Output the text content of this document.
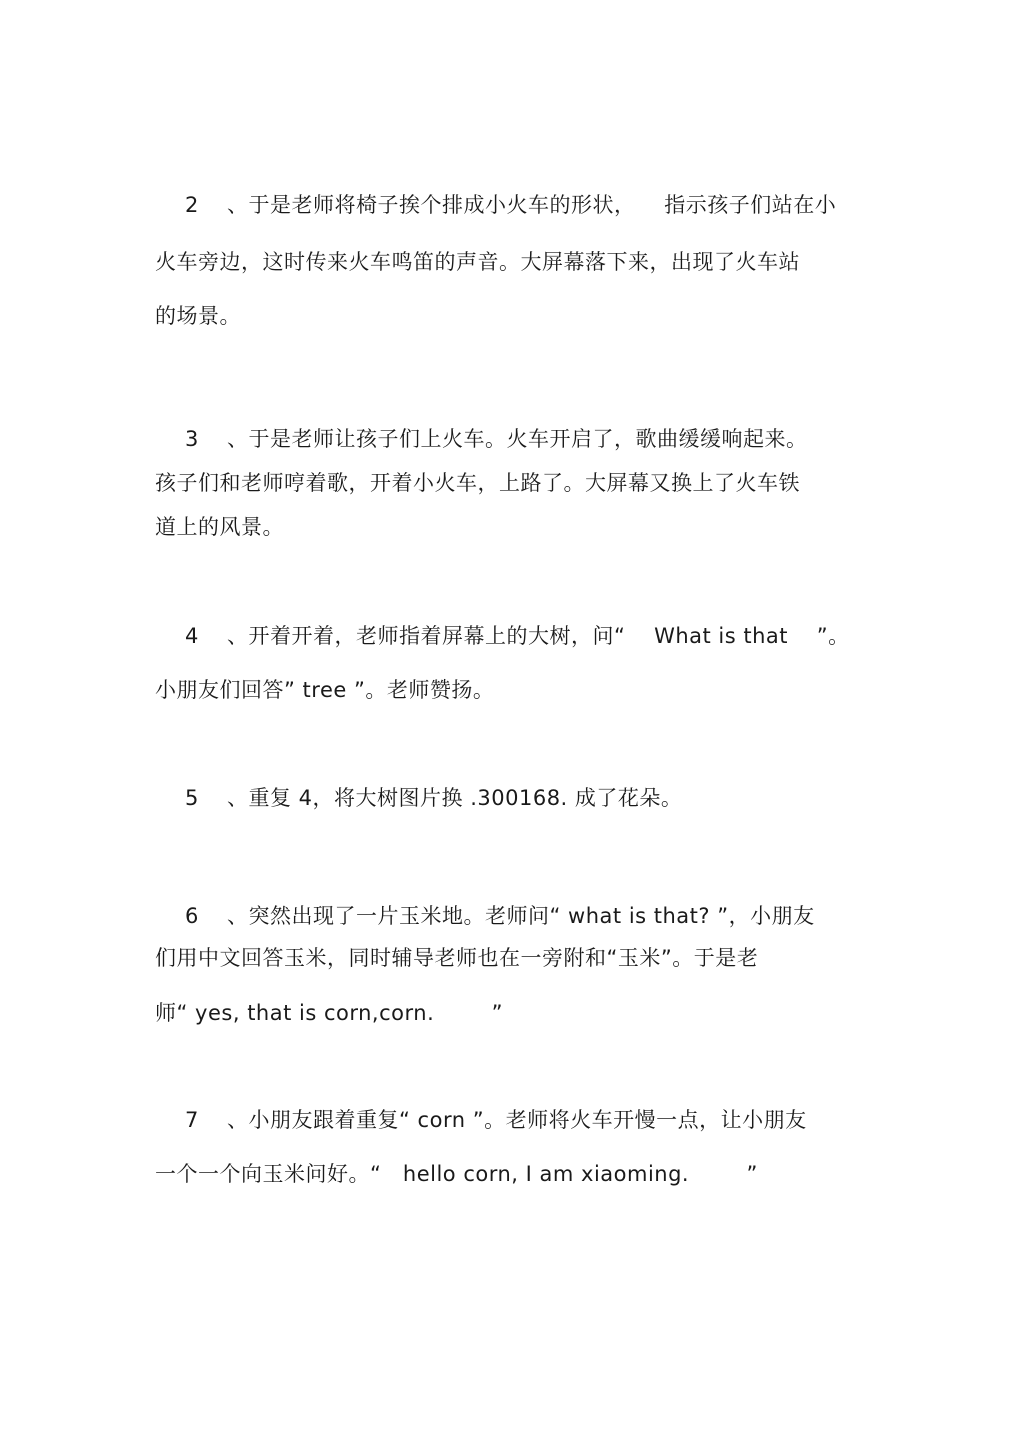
2 、于是老师将椅子挨个排成小火车的形状，    指示孩子们站在小
火车旁边，这时传来火车鸣笛的声音。大屏幕落下来，出现了火车站
的场景。
3 、于是老师让孩子们上火车。火车开启了，歌曲缓缓响起来。
孩子们和老师哼着歌，开着小火车，上路了。大屏幕又换上了火车铁
道上的风景。
4 、开着开着，老师指着屏幕上的大树，问“    What is that    ”。
小朋友们回答” tree ”。老师赞扬。
5 、重复 4，将大树图片换 .300168. 成了花朵。
6 、突然出现了一片玉米地。老师问“ what is that? ”，小朋友
们用中文回答玉米，同时辅导老师也在一旁附和“玉米”。于是老
师“ yes, that is corn,corn.        ”
7 、小朋友跟着重复“ corn ”。老师将火车开慢一点，让小朋友
一个一个向玉米问好。“   hello corn, I am xiaoming.        ”
